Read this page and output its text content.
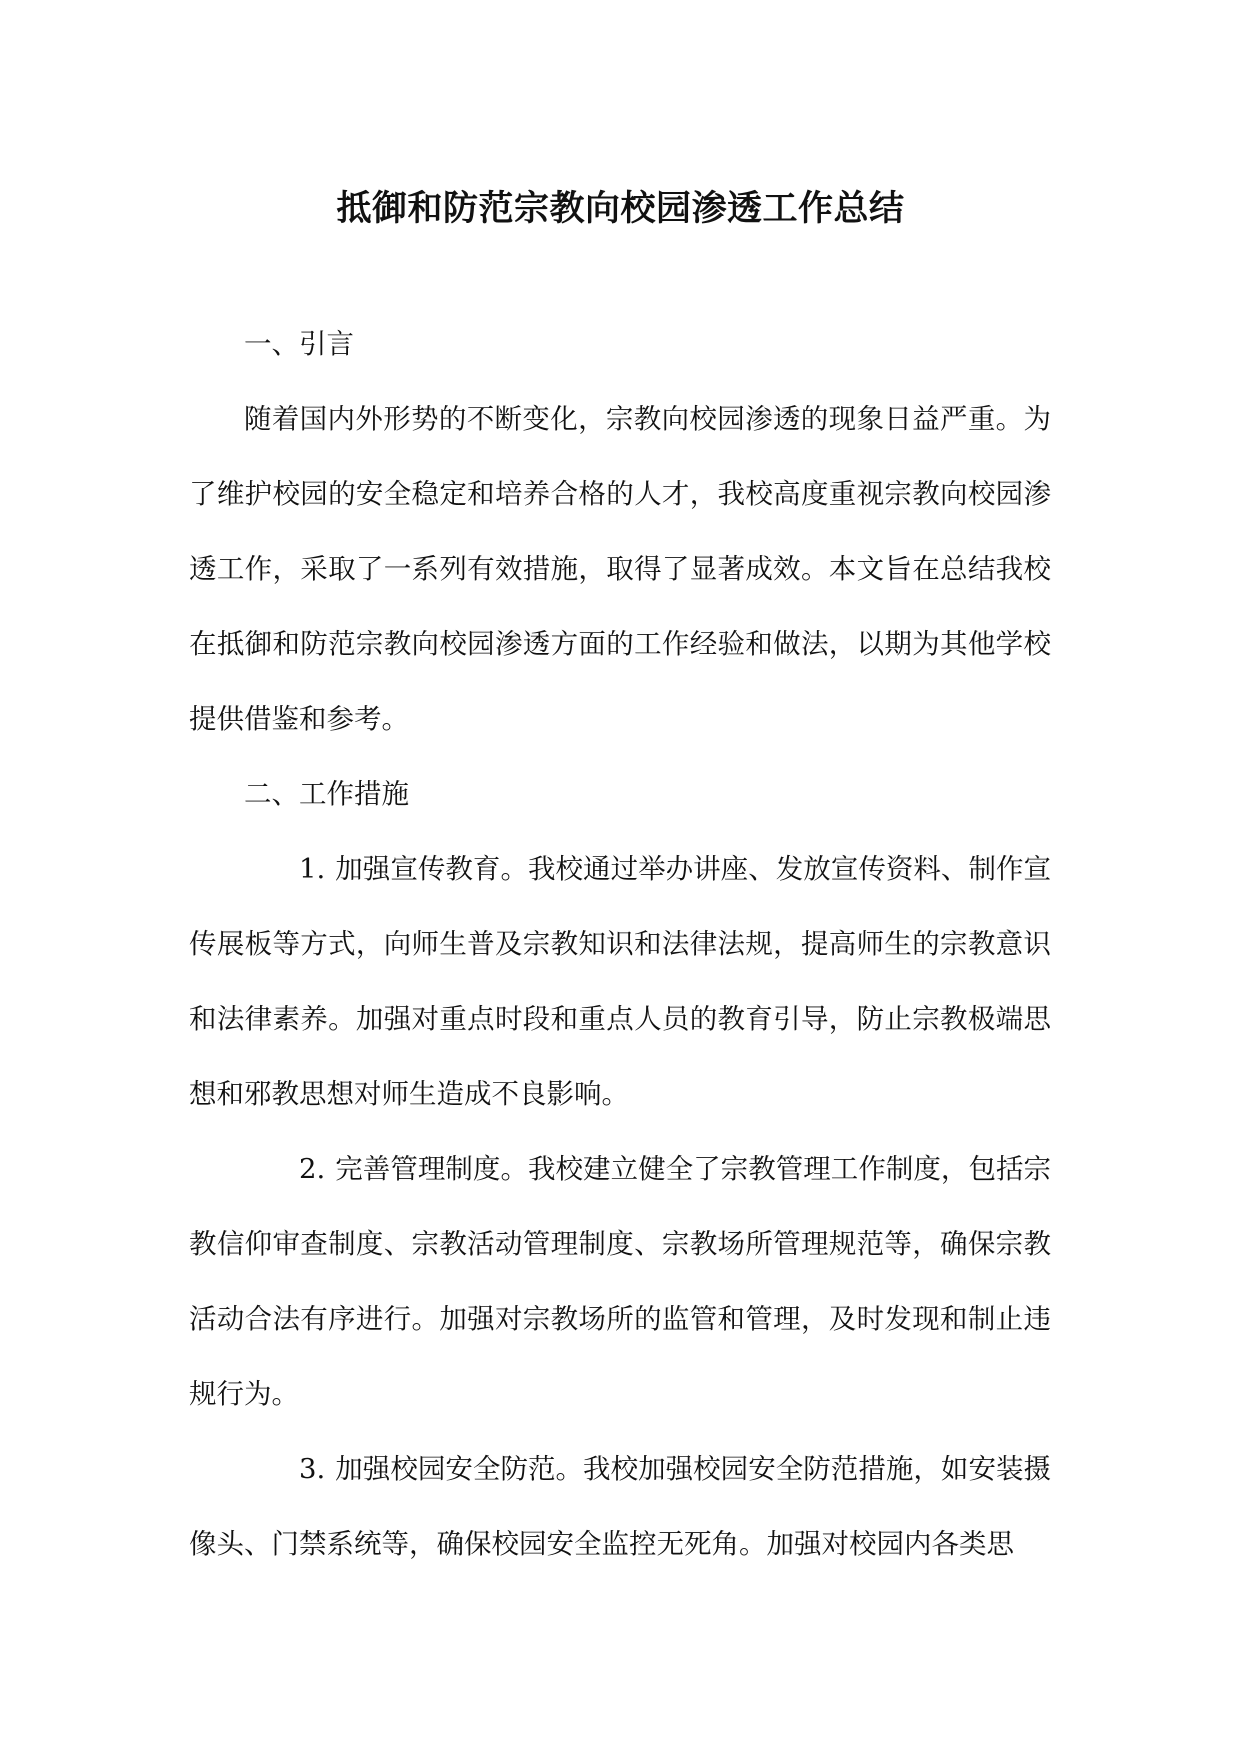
抵御和防范宗教向校园渗透工作总结

一、引言

随着国内外形势的不断变化，宗教向校园渗透的现象日益严重。为了维护校园的安全稳定和培养合格的人才，我校高度重视宗教向校园渗透工作，采取了一系列有效措施，取得了显著成效。本文旨在总结我校在抵御和防范宗教向校园渗透方面的工作经验和做法，以期为其他学校提供借鉴和参考。

二、工作措施

1. 加强宣传教育。我校通过举办讲座、发放宣传资料、制作宣传展板等方式，向师生普及宗教知识和法律法规，提高师生的宗教意识和法律素养。加强对重点时段和重点人员的教育引导，防止宗教极端思想和邪教思想对师生造成不良影响。

2. 完善管理制度。我校建立健全了宗教管理工作制度，包括宗教信仰审查制度、宗教活动管理制度、宗教场所管理规范等，确保宗教活动合法有序进行。加强对宗教场所的监管和管理，及时发现和制止违规行为。

3. 加强校园安全防范。我校加强校园安全防范措施，如安装摄像头、门禁系统等，确保校园安全监控无死角。加强对校园内各类思
